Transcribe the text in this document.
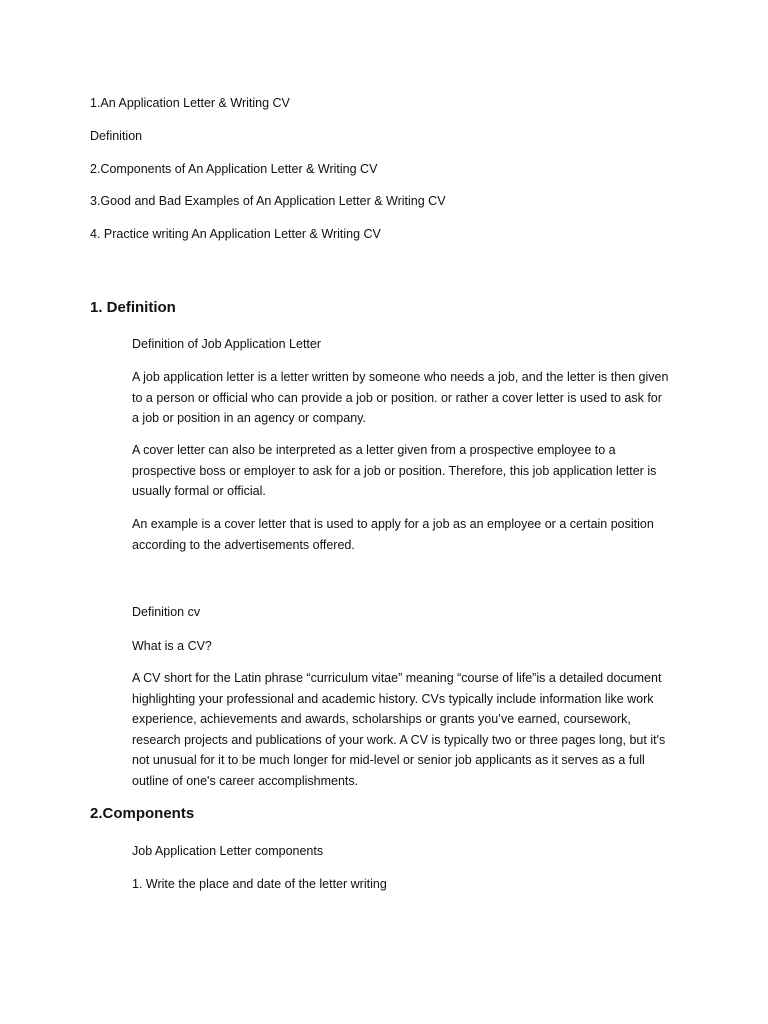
1.An Application Letter & Writing CV

Definition

2.Components of An Application Letter & Writing CV

3.Good and Bad Examples of An Application Letter & Writing CV

4. Practice writing An Application Letter & Writing CV

1. Definition

Definition of Job Application Letter

A job application letter is a letter written by someone who needs a job, and the letter is then given to a person or official who can provide a job or position. or rather a cover letter is used to ask for a job or position in an agency or company.

A cover letter can also be interpreted as a letter given from a prospective employee to a prospective boss or employer to ask for a job or position. Therefore, this job application letter is usually formal or official.

An example is a cover letter that is used to apply for a job as an employee or a certain position according to the advertisements offered.

Definition cv

What is a CV?

A CV short for the Latin phrase “curriculum vitae” meaning “course of life”is a detailed document highlighting your professional and academic history. CVs typically include information like work experience, achievements and awards, scholarships or grants you’ve earned, coursework, research projects and publications of your work. A CV is typically two or three pages long, but it's not unusual for it to be much longer for mid-level or senior job applicants as it serves as a full outline of one's career accomplishments.

2.Components

Job Application Letter components

1. Write the place and date of the letter writing
